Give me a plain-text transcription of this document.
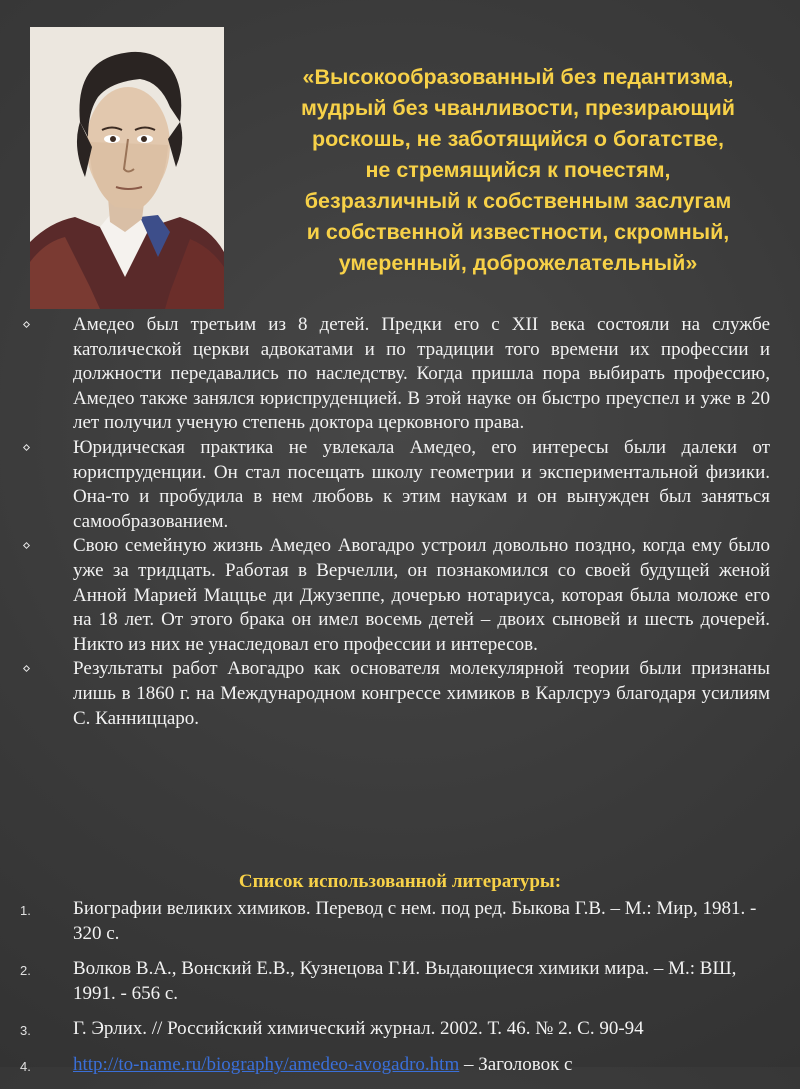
«Высокообразованный без педантизма,
мудрый без чванливости, презирающий
роскошь, не заботящийся о богатстве,
не стремящийся к почестям,
безразличный к собственным заслугам
и собственной известности, скромный,
умеренный, доброжелательный»
Амедео был третьим из 8 детей. Предки его с XII века состояли на службе католической церкви адвокатами и по традиции того времени их профессии и должности передавались по наследству. Когда пришла пора выбирать профессию, Амедео также занялся юриспруденцией. В этой науке он быстро преуспел и уже в 20 лет получил ученую степень доктора церковного права.
Юридическая практика не увлекала Амедео, его интересы были далеки от юриспруденции. Он стал посещать школу геометрии и экспериментальной физики. Она-то и пробудила в нем любовь к этим наукам и он вынужден был заняться самообразованием.
Свою семейную жизнь Амедео Авогадро устроил довольно поздно, когда ему было уже за тридцать. Работая в Верчелли, он познакомился со своей будущей женой Анной Марией Маццье ди Джузеппе, дочерью нотариуса, которая была моложе его на 18 лет. От этого брака он имел восемь детей – двоих сыновей и шесть дочерей. Никто из них не унаследовал его профессии и интересов.
Результаты работ Авогадро как основателя молекулярной теории были признаны лишь в 1860 г. на Международном конгрессе химиков в Карлсруэ благодаря усилиям С. Канниццаро.
Список использованной литературы:
1. Биографии великих химиков. Перевод с нем. под ред. Быкова Г.В. – М.: Мир, 1981. - 320 с.
2. Волков В.А., Вонский Е.В., Кузнецова Г.И. Выдающиеся химики мира. – М.: ВШ, 1991. - 656 с.
3. Г. Эрлих. // Российский химический журнал. 2002. Т. 46. № 2. С. 90-94
4. http://to-name.ru/biography/amedeo-avogadro.htm – Заголовок с
